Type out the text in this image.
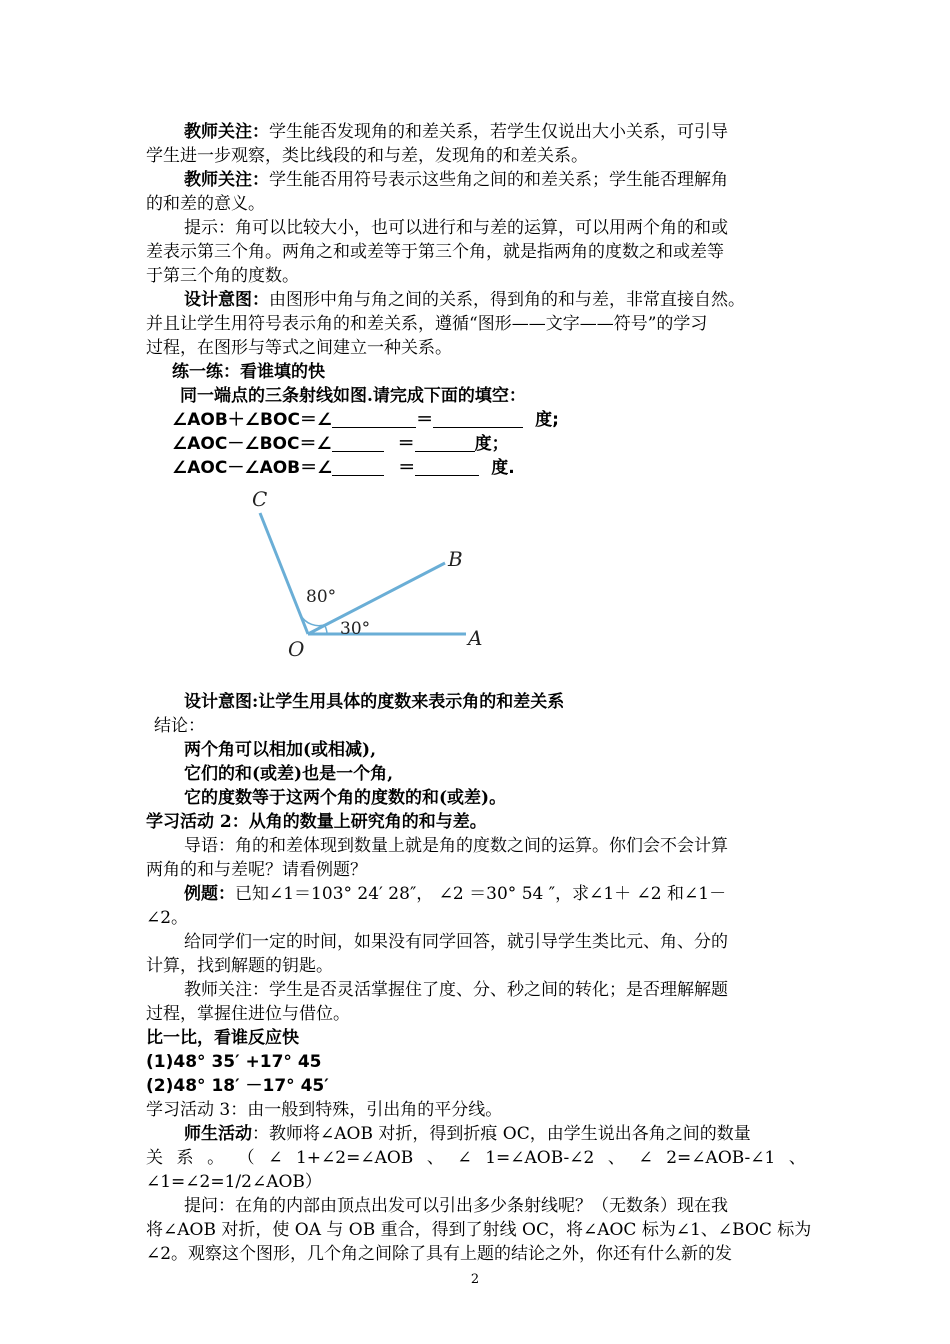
教师关注：学生能否发现角的和差关系，若学生仅说出大小关系，可引导
学生进一步观察，类比线段的和与差，发现角的和差关系。
教师关注：学生能否用符号表示这些角之间的和差关系；学生能否理解角
的和差的意义。
提示：角可以比较大小，也可以进行和与差的运算，可以用两个角的和或
差表示第三个角。两角之和或差等于第三个角，就是指两角的度数之和或差等
于第三个角的度数。
设计意图：由图形中角与角之间的关系，得到角的和与差，非常直接自然。
并且让学生用符号表示角的和差关系，遵循“图形——文字——符号”的学习
过程，在图形与等式之间建立一种关系。
练一练：看谁填的快
同一端点的三条射线如图.请完成下面的填空：
∠AOB＋∠BOC＝∠	＝	度;
∠AOC－∠BOC＝∠	＝	度；
∠AOC－∠AOB＝∠	＝	度.
C
B
O	A
80°
30°
设计意图:让学生用具体的度数来表示角的和差关系
结论：
两个角可以相加(或相减),
它们的和(或差)也是一个角,
它的度数等于这两个角的度数的和(或差)。
学习活动 2：从角的数量上研究角的和与差。
导语：角的和差体现到数量上就是角的度数之间的运算。你们会不会计算
两角的和与差呢？请看例题？
例题：已知∠1＝103° 24′ 28″， ∠2 ＝30° 54 ″，求∠1＋ ∠2 和∠1－
∠2。
给同学们一定的时间，如果没有同学回答，就引导学生类比元、角、分的
计算，找到解题的钥匙。
教师关注：学生是否灵活掌握住了度、分、秒之间的转化；是否理解解题
过程，掌握住进位与借位。
比一比，看谁反应快
(1)48° 35′ +17° 45
(2)48° 18′ －17° 45′
学习活动 3：由一般到特殊，引出角的平分线。
师生活动：教师将∠AOB 对折，得到折痕 OC，由学生说出各角之间的数量
关 系 。 （ ∠ 1+∠2=∠AOB 、 ∠ 1=∠AOB-∠2 、 ∠ 2=∠AOB-∠1 、
∠1=∠2=1/2∠AOB）
提问：在角的内部由顶点出发可以引出多少条射线呢？（无数条）现在我
将∠AOB 对折，使 OA 与 OB 重合，得到了射线 OC，将∠AOC 标为∠1、∠BOC 标为
∠2。观察这个图形，几个角之间除了具有上题的结论之外，你还有什么新的发
2
